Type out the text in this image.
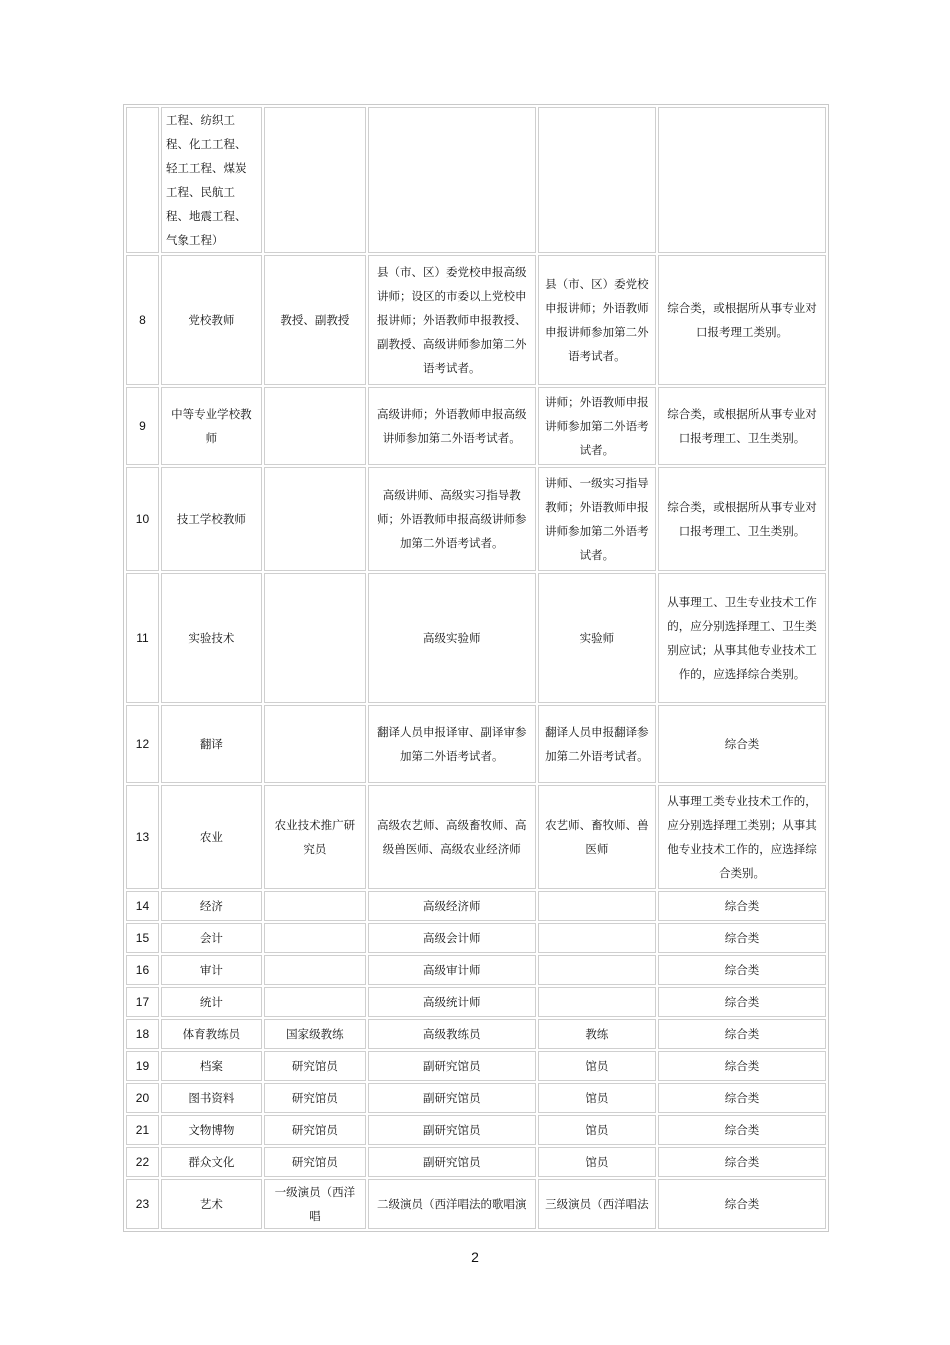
	工程、纺织工程、化工工程、轻工工程、煤炭工程、民航工程、地震工程、气象工程）				
8	党校教师	教授、副教授	县（市、区）委党校申报高级讲师；设区的市委以上党校申报讲师；外语教师申报教授、副教授、高级讲师参加第二外语考试者。	县（市、区）委党校申报讲师；外语教师申报讲师参加第二外语考试者。	综合类，或根据所从事专业对口报考理工类别。
9	中等专业学校教师		高级讲师；外语教师申报高级讲师参加第二外语考试者。	讲师；外语教师申报讲师参加第二外语考试者。	综合类，或根据所从事专业对口报考理工、卫生类别。
10	技工学校教师		高级讲师、高级实习指导教师；外语教师申报高级讲师参加第二外语考试者。	讲师、一级实习指导教师；外语教师申报讲师参加第二外语考试者。	综合类，或根据所从事专业对口报考理工、卫生类别。
11	实验技术		高级实验师	实验师	从事理工、卫生专业技术工作的，应分别选择理工、卫生类别应试；从事其他专业技术工作的，应选择综合类别。
12	翻译		翻译人员申报译审、副译审参加第二外语考试者。	翻译人员申报翻译参加第二外语考试者。	综合类
13	农业	农业技术推广研究员	高级农艺师、高级畜牧师、高级兽医师、高级农业经济师	农艺师、畜牧师、兽医师	从事理工类专业技术工作的，应分别选择理工类别；从事其他专业技术工作的，应选择综合类别。
14	经济		高级经济师		综合类
15	会计		高级会计师		综合类
16	审计		高级审计师		综合类
17	统计		高级统计师		综合类
18	体育教练员	国家级教练	高级教练员	教练	综合类
19	档案	研究馆员	副研究馆员	馆员	综合类
20	图书资料	研究馆员	副研究馆员	馆员	综合类
21	文物博物	研究馆员	副研究馆员	馆员	综合类
22	群众文化	研究馆员	副研究馆员	馆员	综合类
23	艺术	一级演员（西洋唱	二级演员（西洋唱法的歌唱演	三级演员（西洋唱法	综合类
2
